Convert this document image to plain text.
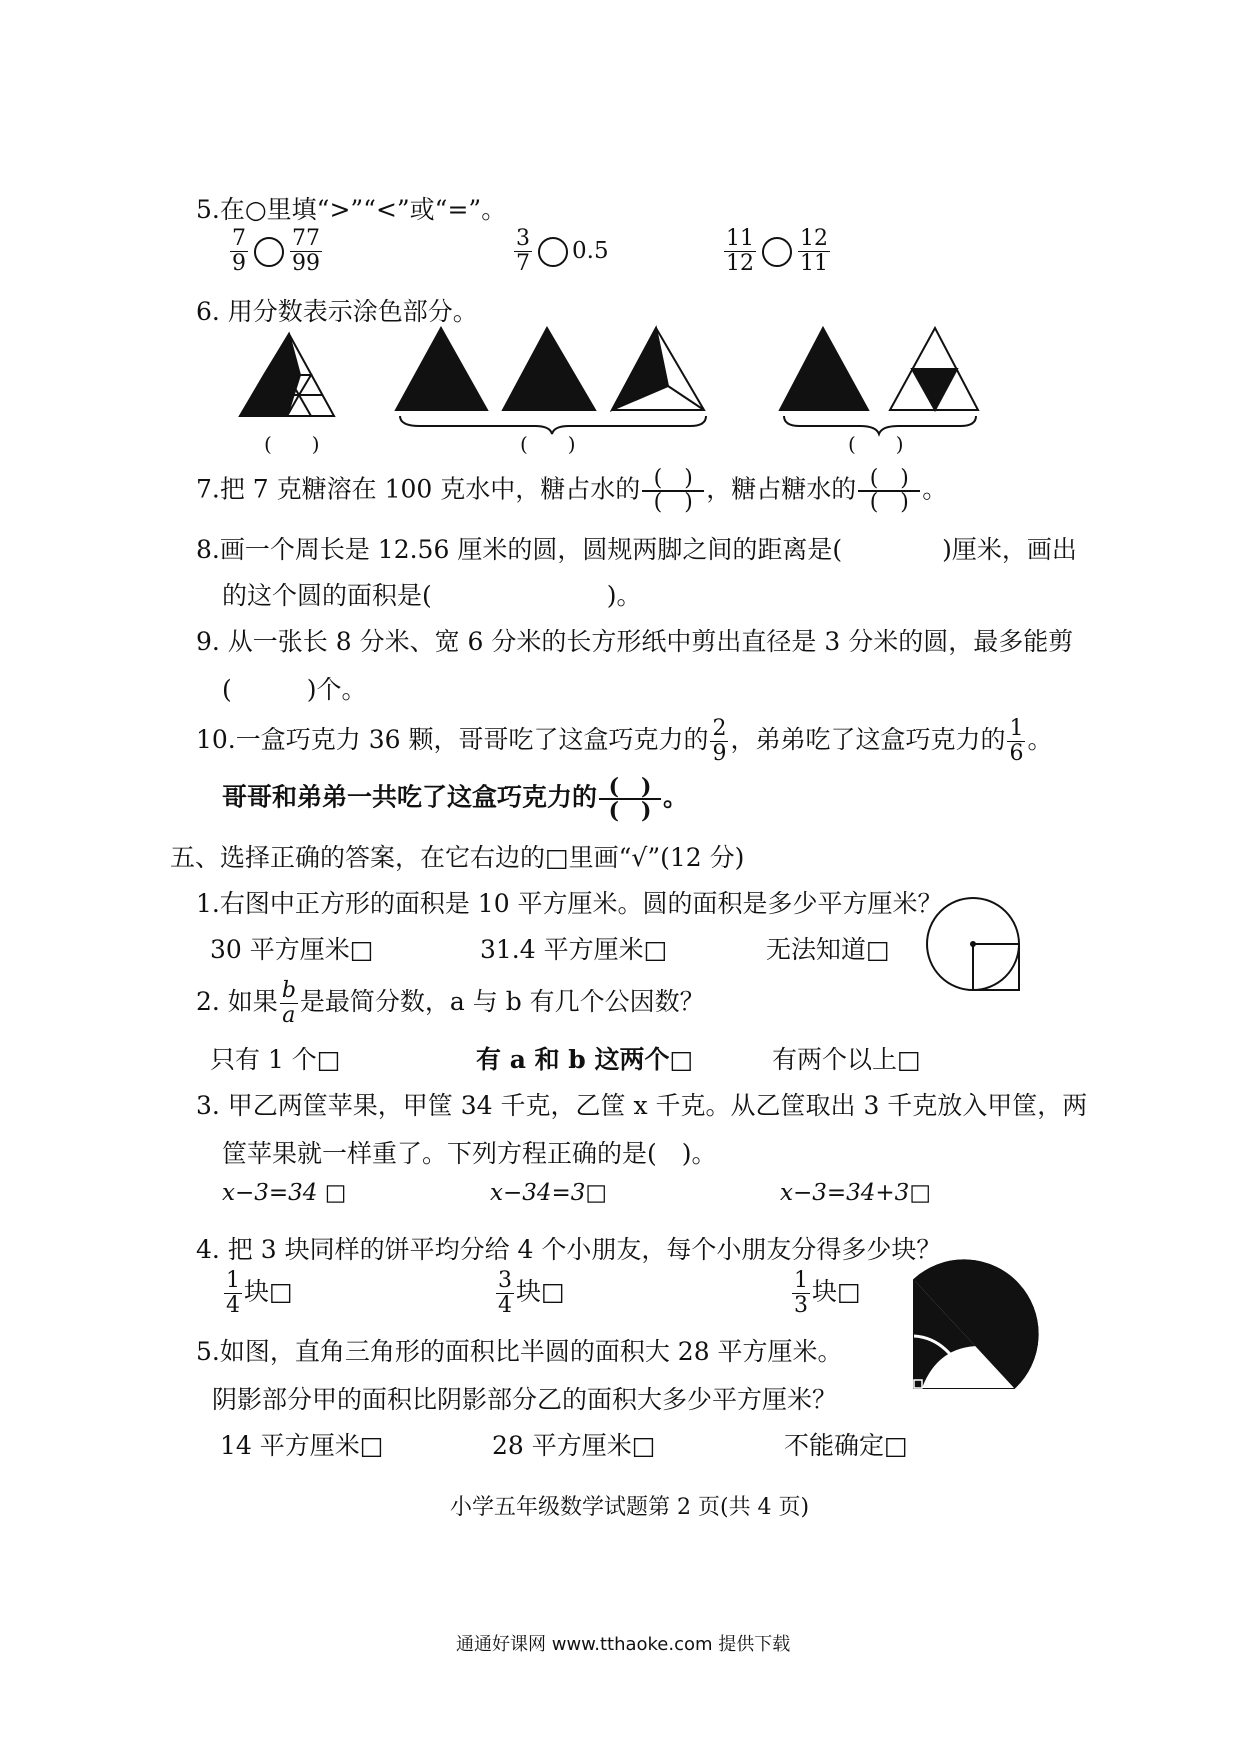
5.在○里填“>”“<”或“=”。
$\frac{7}{9} \frac{77}{99}$	$\frac{3}{7} 0.5$	$\frac{11}{12} \frac{12}{11}$
6. 用分数表示涂色部分。
(　　)	(　　)	(　　)
7.把 7 克糖溶在 100 克水中，糖占水的 (　)
(　) ，糖占糖水的 (　)
(　) 。
8.画一个周长是 12.56 厘米的圆，圆规两脚之间的距离是(　　　　)厘米，画出
的这个圆的面积是(　　　　　　　)。
9. 从一张长 8 分米、宽 6 分米的长方形纸中剪出直径是 3 分米的圆，最多能剪
(　　　)个。
10.一盒巧克力 36 颗，哥哥吃了这盒巧克力的 $\frac{2}{9}$ ，弟弟吃了这盒巧克力的 $\frac{1}{6}$ 。
哥哥和弟弟一共吃了这盒巧克力的 (　)
(　) 。
五、选择正确的答案，在它右边的□里画“√”(12 分)
1.右图中正方形的面积是 10 平方厘米。圆的面积是多少平方厘米？
30 平方厘米□	31.4 平方厘米□	无法知道□
2. 如果 $\frac{b}{a}$ 是最简分数，a 与 b 有几个公因数？
只有 1 个□	有 a 和 b 这两个□	有两个以上□
3. 甲乙两筐苹果，甲筐 34 千克，乙筐 x 千克。从乙筐取出 3 千克放入甲筐，两
筐苹果就一样重了。下列方程正确的是(　)。
x−3=34 □	x−34=3□	x−3=34+3□
4. 把 3 块同样的饼平均分给 4 个小朋友，每个小朋友分得多少块？
$\frac{1}{4}$ 块□	$\frac{3}{4}$ 块□	$\frac{1}{3}$ 块□
5.如图，直角三角形的面积比半圆的面积大 28 平方厘米。
阴影部分甲的面积比阴影部分乙的面积大多少平方厘米？
14 平方厘米□	28 平方厘米□	不能确定□
小学五年级数学试题第 2 页(共 4 页)
通通好课网 www.tthaoke.com 提供下载
